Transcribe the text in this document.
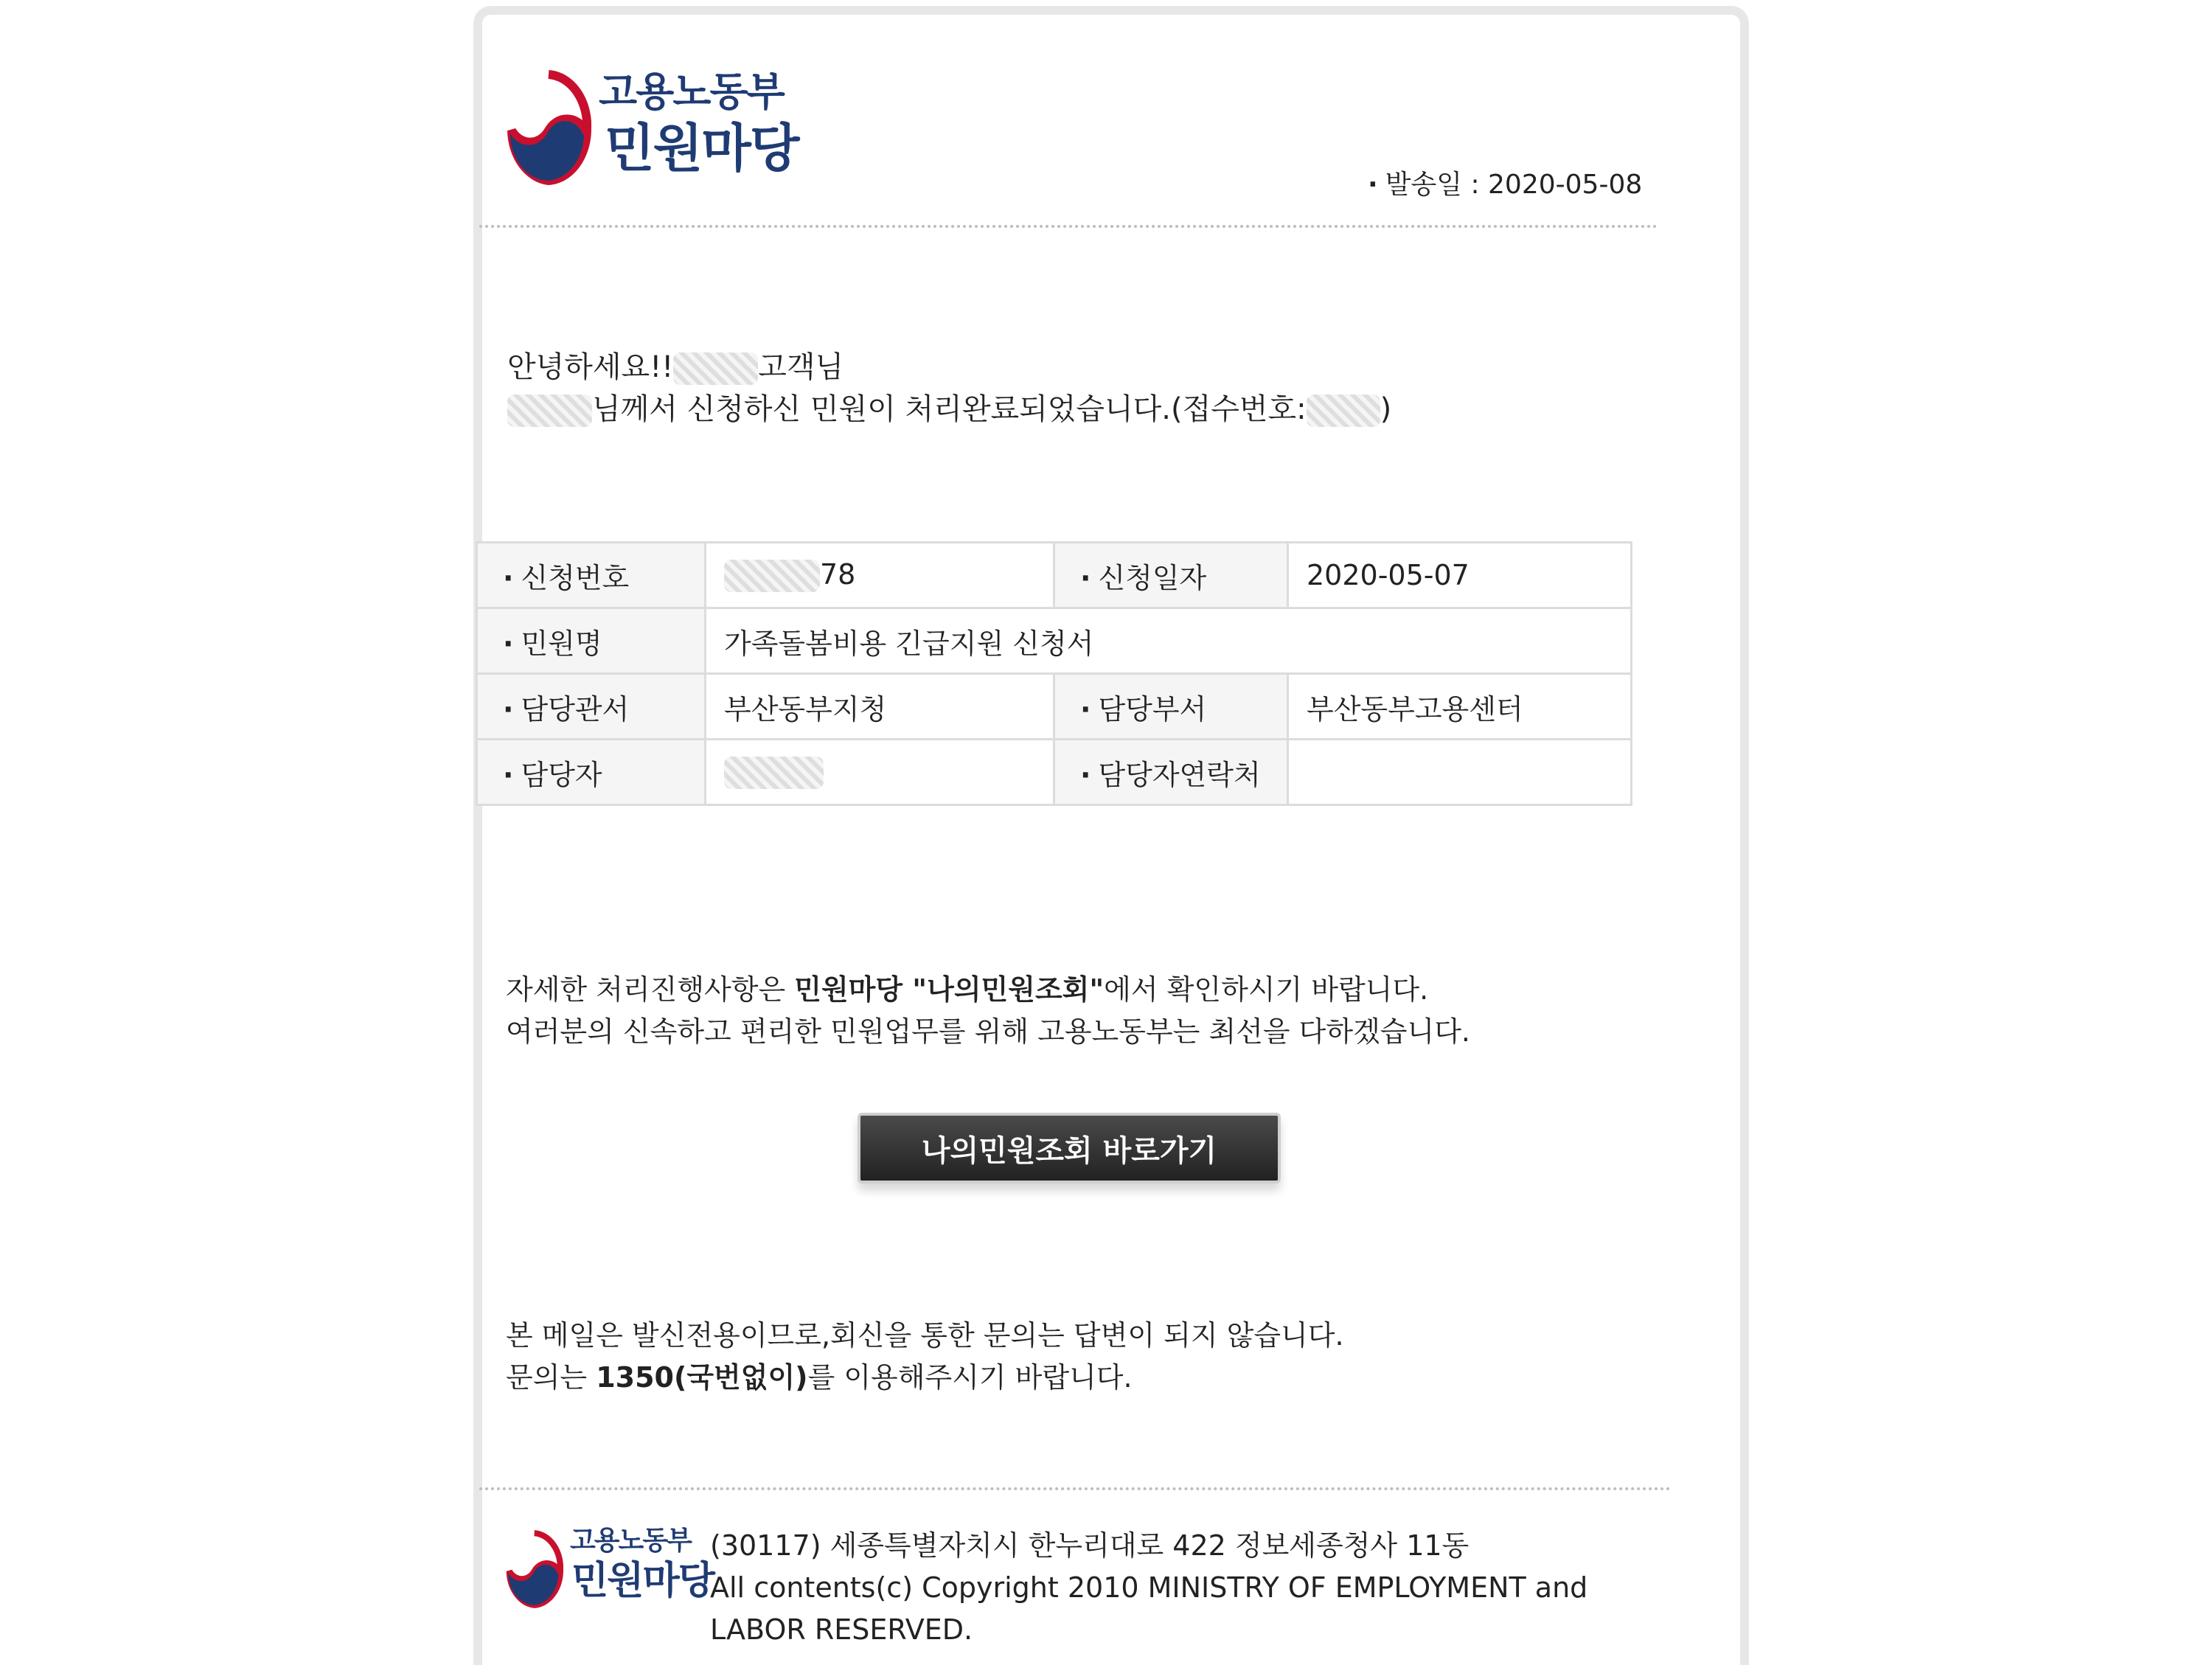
고용노동부
민원마당
· 발송일 : 2020-05-08
안녕하세요!!	고객님
님께서 신청하신 민원이 처리완료되었습니다.(접수번호:	)
· 신청번호	78	· 신청일자	2020-05-07
· 민원명	가족돌봄비용 긴급지원 신청서		
· 담당관서	부산동부지청	· 담당부서	부산동부고용센터
· 담당자		· 담당자연락처	
자세한 처리진행사항은 민원마당 "나의민원조회"에서 확인하시기 바랍니다.
여러분의 신속하고 편리한 민원업무를 위해 고용노동부는 최선을 다하겠습니다.
나의민원조회 바로가기
본 메일은 발신전용이므로,회신을 통한 문의는 답변이 되지 않습니다.
문의는 1350(국번없이)를 이용해주시기 바랍니다.
고용노동부
민원마당
(30117) 세종특별자치시 한누리대로 422 정보세종청사 11동
All contents(c) Copyright 2010 MINISTRY OF EMPLOYMENT and LABOR RESERVED.
